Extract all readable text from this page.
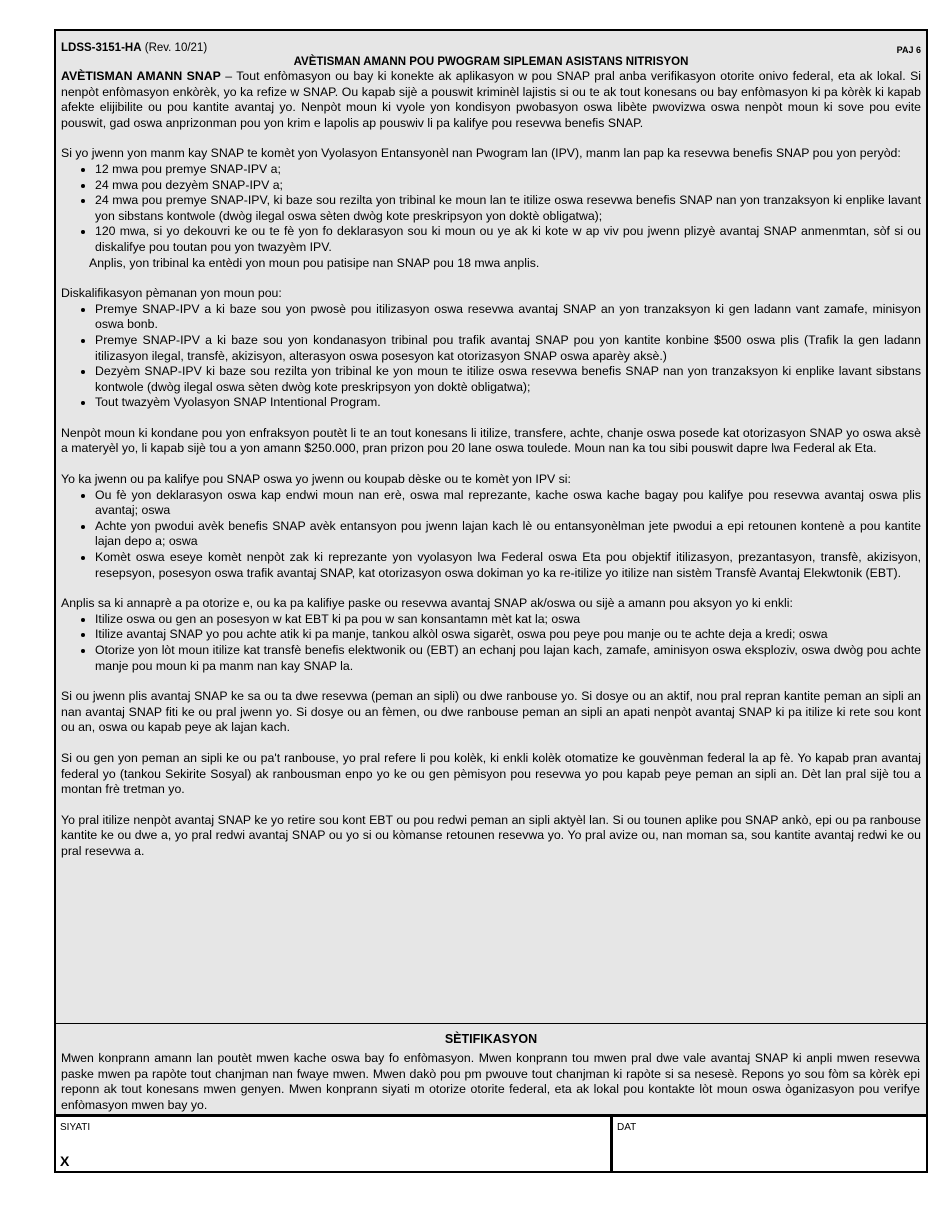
LDSS-3151-HA (Rev. 10/21)	PAJ 6
AVÈTISMAN AMANN POU PWOGRAM SIPLEMAN ASISTANS NITRISYON

AVÈTISMAN AMANN SNAP – Tout enfòmasyon ou bay ki konekte ak aplikasyon w pou SNAP pral anba verifikasyon otorite onivo federal, eta ak lokal. Si nenpòt enfòmasyon enkòrèk, yo ka refize w SNAP. Ou kapab sijè a pouswit kriminèl lajistis si ou te ak tout konesans ou bay enfòmasyon ki pa kòrèk ki kapab afekte elijibilite ou pou kantite avantaj yo. Nenpòt moun ki vyole yon kondisyon pwobasyon oswa libète pwovizwa oswa nenpòt moun ki sove pou evite pouswit, gad oswa anprizonman pou yon krim e lapolis ap pouswiv li pa kalifye pou resevwa benefis SNAP.

Si yo jwenn yon manm kay SNAP te komèt yon Vyolasyon Entansyonèl nan Pwogram lan (IPV), manm lan pap ka resevwa benefis SNAP pou yon peryòd:

• 12 mwa pou premye SNAP-IPV a;
• 24 mwa pou dezyèm SNAP-IPV a;
• 24 mwa pou premye SNAP-IPV, ki baze sou rezilta yon tribinal ke moun lan te itilize oswa resevwa benefis SNAP nan yon tranzaksyon ki enplike lavant yon sibstans kontwole (dwòg ilegal oswa sèten dwòg kote preskripsyon yon doktè obligatwa);
• 120 mwa, si yo dekouvri ke ou te fè yon fo deklarasyon sou ki moun ou ye ak ki kote w ap viv pou jwenn plizyè avantaj SNAP anmenmtan, sòf si ou diskalifye pou toutan pou yon twazyèm IPV.

Anplis, yon tribinal ka entèdi yon moun pou patisipe nan SNAP pou 18 mwa anplis.

Diskalifikasyon pèmanan yon moun pou:

• Premye SNAP-IPV a ki baze sou yon pwosè pou itilizasyon oswa resevwa avantaj SNAP an yon tranzaksyon ki gen ladann vant zamafe, minisyon oswa bonb.
• Premye SNAP-IPV a ki baze sou yon kondanasyon tribinal pou trafik avantaj SNAP pou yon kantite konbine $500 oswa plis (Trafik la gen ladann itilizasyon ilegal, transfè, akizisyon, alterasyon oswa posesyon kat otorizasyon SNAP oswa aparèy aksè.)
• Dezyèm SNAP-IPV ki baze sou rezilta yon tribinal ke yon moun te itilize oswa resevwa benefis SNAP nan yon tranzaksyon ki enplike lavant sibstans kontwole (dwòg ilegal oswa sèten dwòg kote preskripsyon yon doktè obligatwa);
• Tout twazyèm Vyolasyon SNAP Intentional Program.

Nenpòt moun ki kondane pou yon enfraksyon poutèt li te an tout konesans li itilize, transfere, achte, chanje oswa posede kat otorizasyon SNAP yo oswa aksè a materyèl yo, li kapab sijè tou a yon amann $250.000, pran prizon pou 20 lane oswa toulede. Moun nan ka tou sibi pouswit dapre lwa Federal ak Eta.

Yo ka jwenn ou pa kalifye pou SNAP oswa yo jwenn ou koupab dèske ou te komèt yon IPV si:

• Ou fè yon deklarasyon oswa kap endwi moun nan erè, oswa mal reprezante, kache oswa kache bagay pou kalifye pou resevwa avantaj oswa plis avantaj; oswa
• Achte yon pwodui avèk benefis SNAP avèk entansyon pou jwenn lajan kach lè ou entansyonèlman jete pwodui a epi retounen kontenè a pou kantite lajan depo a; oswa
• Komèt oswa eseye komèt nenpòt zak ki reprezante yon vyolasyon lwa Federal oswa Eta pou objektif itilizasyon, prezantasyon, transfè, akizisyon, resepsyon, posesyon oswa trafik avantaj SNAP, kat otorizasyon oswa dokiman yo ka re-itilize yo itilize nan sistèm Transfè Avantaj Elekwtonik (EBT).

Anplis sa ki annaprè a pa otorize e, ou ka pa kalifiye paske ou resevwa avantaj SNAP ak/oswa ou sijè a amann pou aksyon yo ki enkli:

• Itilize oswa ou gen an posesyon w kat EBT ki pa pou w san konsantamn mèt kat la; oswa
• Itilize avantaj SNAP yo pou achte atik ki pa manje, tankou alkòl oswa sigarèt, oswa pou peye pou manje ou te achte deja a kredi; oswa
• Otorize yon lòt moun itilize kat transfè benefis elektwonik ou (EBT) an echanj pou lajan kach, zamafe, aminisyon oswa eksploziv, oswa dwòg pou achte manje pou moun ki pa manm nan kay SNAP la.

Si ou jwenn plis avantaj SNAP ke sa ou ta dwe resevwa (peman an sipli) ou dwe ranbouse yo. Si dosye ou an aktif, nou pral repran kantite peman an sipli an nan avantaj SNAP fiti ke ou pral jwenn yo. Si dosye ou an fèmen, ou dwe ranbouse peman an sipli an apati nenpòt avantaj SNAP ki pa itilize ki rete sou kont ou an, oswa ou kapab peye ak lajan kach.

Si ou gen yon peman an sipli ke ou pa't ranbouse, yo pral refere li pou kolèk, ki enkli kolèk otomatize ke gouvènman federal la ap fè. Yo kapab pran avantaj federal yo (tankou Sekirite Sosyal) ak ranbousman enpo yo ke ou gen pèmisyon pou resevwa yo pou kapab peye peman an sipli an. Dèt lan pral sijè tou a montan frè tretman yo.

Yo pral itilize nenpòt avantaj SNAP ke yo retire sou kont EBT ou pou redwi peman an sipli aktyèl lan. Si ou tounen aplike pou SNAP ankò, epi ou pa ranbouse kantite ke ou dwe a, yo pral redwi avantaj SNAP ou yo si ou kòmanse retounen resevwa yo. Yo pral avize ou, nan moman sa, sou kantite avantaj redwi ke ou pral resevwa a.

SÈTIFIKASYON
Mwen konprann amann lan poutèt mwen kache oswa bay fo enfòmasyon. Mwen konprann tou mwen pral dwe vale avantaj SNAP ki anpli mwen resevwa paske mwen pa rapòte tout chanjman nan fwaye mwen. Mwen dakò pou pm pwouve tout chanjman ki rapòte si sa nesesè. Repons yo sou fòm sa kòrèk epi reponn ak tout konesans mwen genyen. Mwen konprann siyati m otorize otorite federal, eta ak lokal pou kontakte lòt moun oswa òganizasyon pou verifye enfòmasyon mwen bay yo.
SIYATI
X
DAT
